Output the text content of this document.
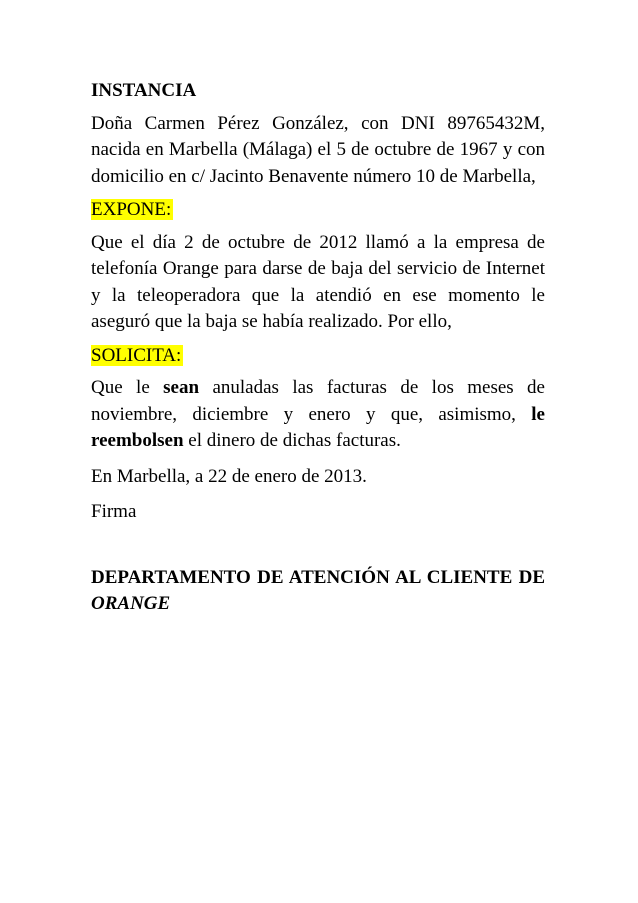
INSTANCIA

Doña Carmen Pérez González, con DNI 89765432M, nacida en Marbella (Málaga) el 5 de octubre de 1967 y con domicilio en c/ Jacinto Benavente número 10 de Marbella,

EXPONE:

Que el día 2 de octubre de 2012 llamó a la empresa de telefonía Orange para darse de baja del servicio de Internet y la teleoperadora que la atendió en ese momento le aseguró que la baja se había realizado. Por ello,

SOLICITA:

Que le sean anuladas las facturas de los meses de noviembre, diciembre y enero y que, asimismo, le reembolsen el dinero de dichas facturas.

En Marbella, a 22 de enero de 2013.

Firma

DEPARTAMENTO DE ATENCIÓN AL CLIENTE DE ORANGE
